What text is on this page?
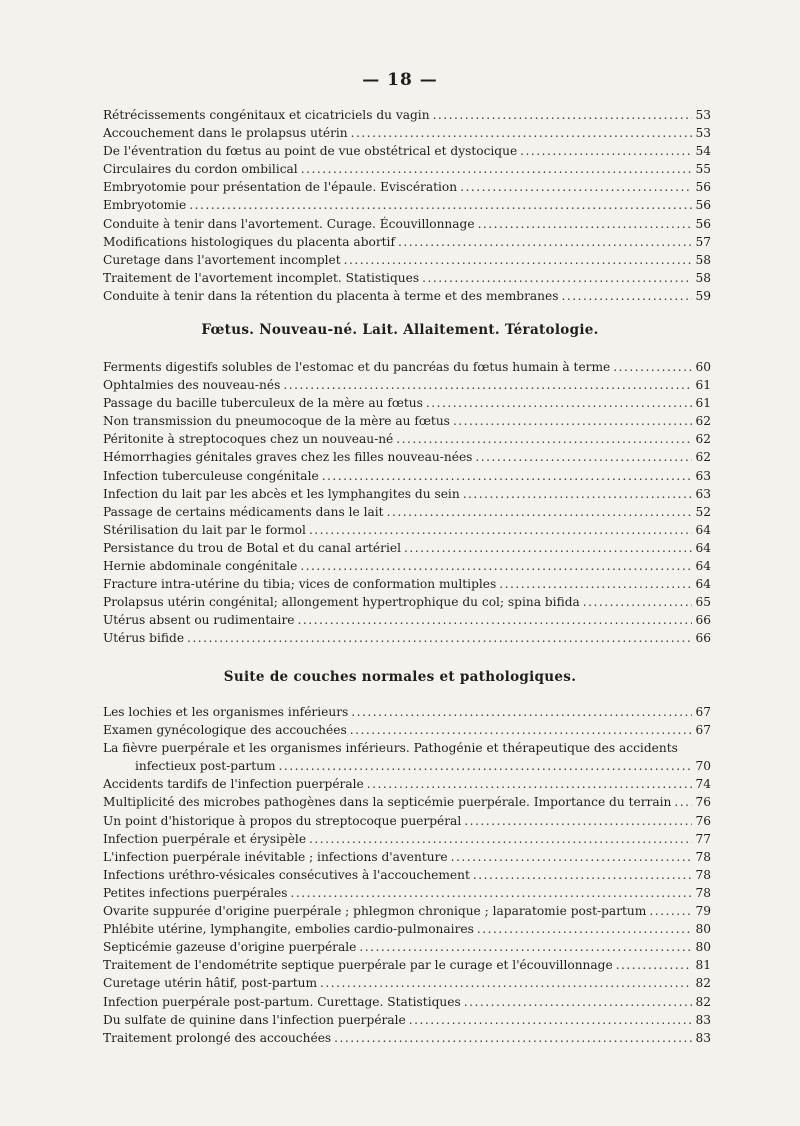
— 18 —
Rétrécissements congénitaux et cicatriciels du vagin .....	53
Accouchement dans le prolapsus utérin .....	53
De l'éventration du fœtus au point de vue obstétrical et dystocique .....	54
Circulaires du cordon ombilical .....	55
Embryotomie pour présentation de l'épaule. Eviscération .....	56
Embryotomie .....	56
Conduite à tenir dans l'avortement. Curage. Écouvillonnage .....	56
Modifications histologiques du placenta abortif .....	57
Curetage dans l'avortement incomplet .....	58
Traitement de l'avortement incomplet. Statistiques .....	58
Conduite à tenir dans la rétention du placenta à terme et des membranes .....	59
Fœtus. Nouveau-né. Lait. Allaitement. Tératologie.
Ferments digestifs solubles de l'estomac et du pancréas du fœtus humain à terme .....	60
Ophtalmies des nouveau-nés .....	61
Passage du bacille tuberculeux de la mère au fœtus .....	61
Non transmission du pneumocoque de la mère au fœtus .....	62
Péritonite à streptocoques chez un nouveau-né .....	62
Hémorrhagies génitales graves chez les filles nouveau-nées .....	62
Infection tuberculeuse congénitale .....	63
Infection du lait par les abcès et les lymphangites du sein .....	63
Passage de certains médicaments dans le lait .....	52
Stérilisation du lait par le formol .....	64
Persistance du trou de Botal et du canal artériel .....	64
Hernie abdominale congénitale .....	64
Fracture intra-utérine du tibia; vices de conformation multiples .....	64
Prolapsus utérin congénital; allongement hypertrophique du col; spina bifida .....	65
Utérus absent ou rudimentaire .....	66
Utérus bifide .....	66
Suite de couches normales et pathologiques.
Les lochies et les organismes inférieurs .....	67
Examen gynécologique des accouchées .....	67
La fièvre puerpérale et les organismes inférieurs. Pathogénie et thérapeutique des accidents
infectieux post-partum .....	70
Accidents tardifs de l'infection puerpérale .....	74
Multiplicité des microbes pathogènes dans la septicémie puerpérale. Importance du terrain ..... 76
Un point d'historique à propos du streptocoque puerpéral .....	76
Infection puerpérale et érysipèle .....	77
L'infection puerpérale inévitable ; infections d'aventure .....	78
Infections uréthro-vésicales consécutives à l'accouchement .....	78
Petites infections puerpérales .....	78
Ovarite suppurée d'origine puerpérale ; phlegmon chronique ; laparatomie post-partum .....	79
Phlébite utérine, lymphangite, embolies cardio-pulmonaires .....	80
Septicémie gazeuse d'origine puerpérale .....	80
Traitement de l'endométrite septique puerpérale par le curage et l'écouvillonnage .....	81
Curetage utérin hâtif, post-partum .....	82
Infection puerpérale post-partum. Curettage. Statistiques .....	82
Du sulfate de quinine dans l'infection puerpérale .....	83
Traitement prolongé des accouchées .....	83
